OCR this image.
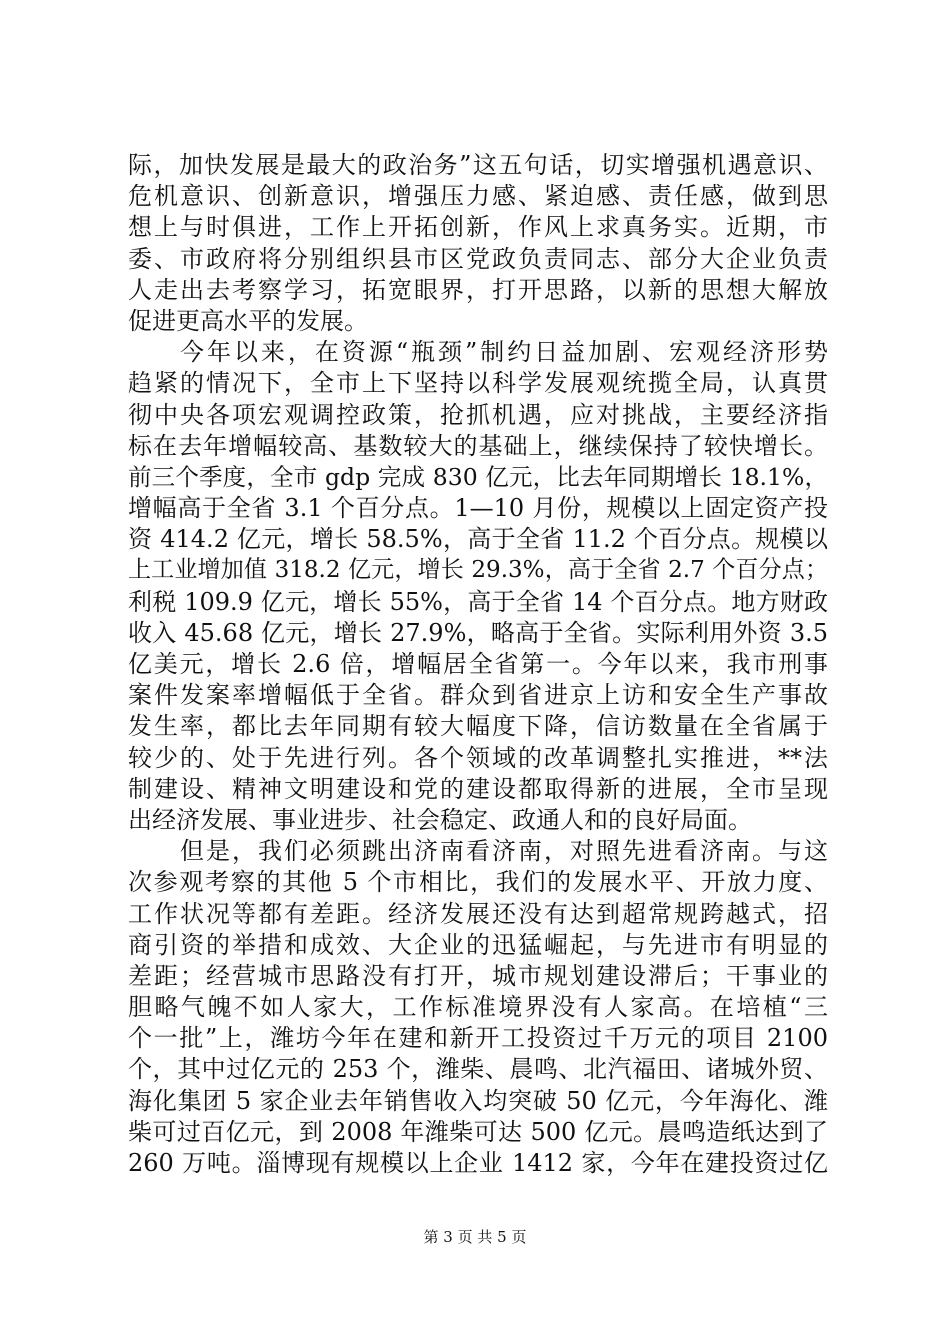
际，加快发展是最大的政治务”这五句话，切实增强机遇意识、
危机意识、创新意识，增强压力感、紧迫感、责任感，做到思
想上与时俱进，工作上开拓创新，作风上求真务实。近期，市
委、市政府将分别组织县市区党政负责同志、部分大企业负责
人走出去考察学习，拓宽眼界，打开思路，以新的思想大解放
促进更高水平的发展。
今年以来，在资源“瓶颈”制约日益加剧、宏观经济形势
趋紧的情况下，全市上下坚持以科学发展观统揽全局，认真贯
彻中央各项宏观调控政策，抢抓机遇，应对挑战，主要经济指
标在去年增幅较高、基数较大的基础上，继续保持了较快增长。
前三个季度，全市 gdp 完成 830 亿元，比去年同期增长 18.1%，
增幅高于全省 3.1 个百分点。1—10 月份，规模以上固定资产投
资 414.2 亿元，增长 58.5%，高于全省 11.2 个百分点。规模以
上工业增加值 318.2 亿元，增长 29.3%，高于全省 2.7 个百分点；
利税 109.9 亿元，增长 55%，高于全省 14 个百分点。地方财政
收入 45.68 亿元，增长 27.9%，略高于全省。实际利用外资 3.5
亿美元，增长 2.6 倍，增幅居全省第一。今年以来，我市刑事
案件发案率增幅低于全省。群众到省进京上访和安全生产事故
发生率，都比去年同期有较大幅度下降，信访数量在全省属于
较少的、处于先进行列。各个领域的改革调整扎实推进，**法
制建设、精神文明建设和党的建设都取得新的进展，全市呈现
出经济发展、事业进步、社会稳定、政通人和的良好局面。
但是，我们必须跳出济南看济南，对照先进看济南。与这
次参观考察的其他 5 个市相比，我们的发展水平、开放力度、
工作状况等都有差距。经济发展还没有达到超常规跨越式，招
商引资的举措和成效、大企业的迅猛崛起，与先进市有明显的
差距；经营城市思路没有打开，城市规划建设滞后；干事业的
胆略气魄不如人家大，工作标准境界没有人家高。在培植“三
个一批”上，潍坊今年在建和新开工投资过千万元的项目 2100
个，其中过亿元的 253 个，潍柴、晨鸣、北汽福田、诸城外贸、
海化集团 5 家企业去年销售收入均突破 50 亿元，今年海化、潍
柴可过百亿元，到 2008 年潍柴可达 500 亿元。晨鸣造纸达到了
260 万吨。淄博现有规模以上企业 1412 家，今年在建投资过亿
第 3 页 共 5 页
